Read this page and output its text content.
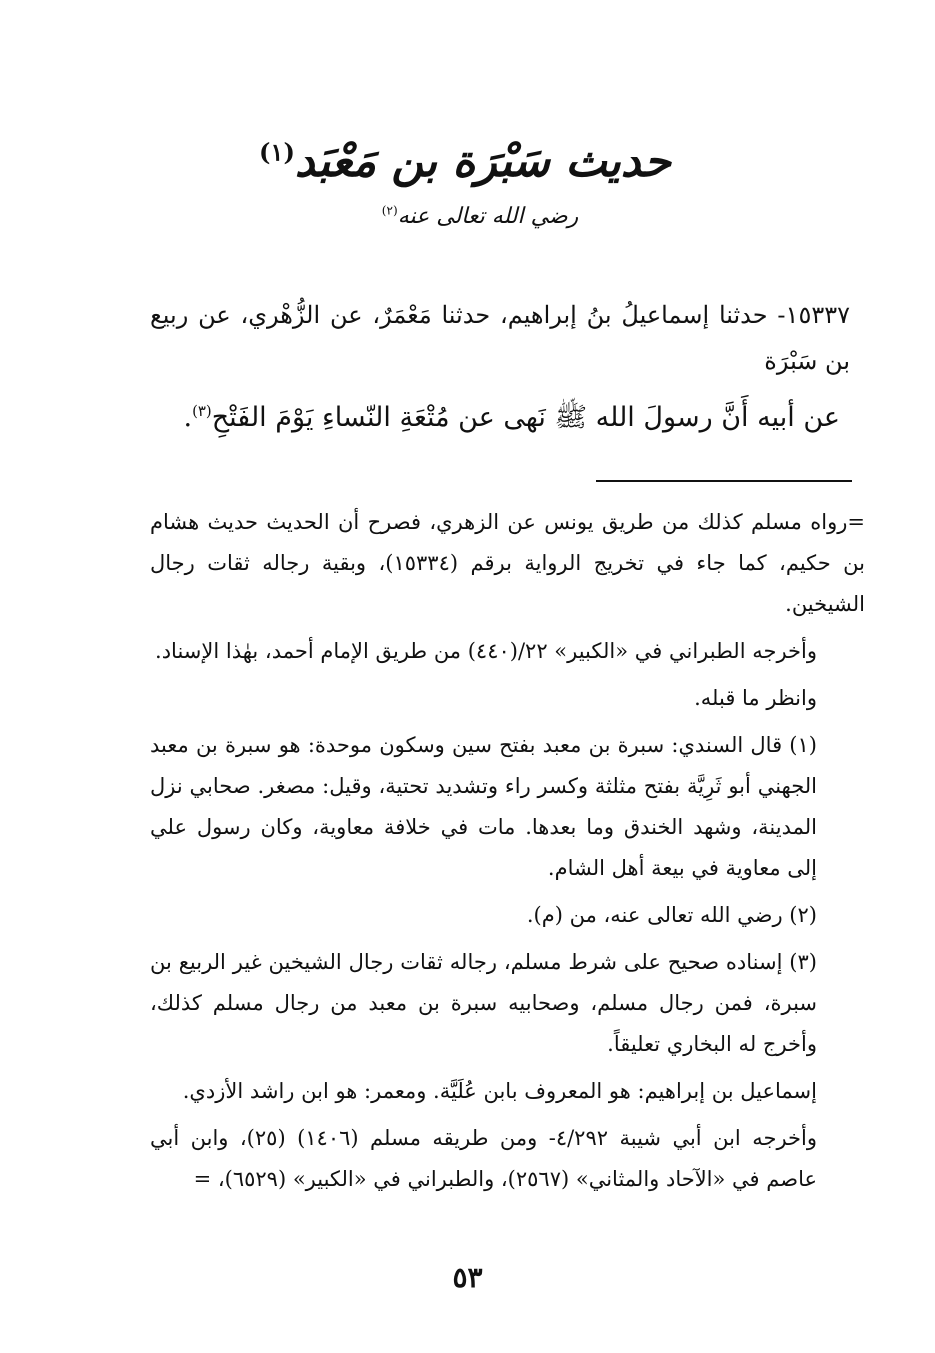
حديث سَبْرَة بن مَعْبَد$^{(١)}$
رضي الله تعالى عنه$^{(٢)}$

١٥٣٣٧- حدثنا إسماعيلُ بنُ إبراهيم، حدثنا مَعْمَرٌ، عن الزُّهْري، عن ربيع بن سَبْرَة

عن أبيه أَنَّ رسولَ الله ﷺ نَهى عن مُتْعَةِ النّساءِ يَوْمَ الفَتْحِ$^{(٣)}$.

=رواه مسلم كذلك من طريق يونس عن الزهري، فصرح أن الحديث حديث هشام بن حكيم، كما جاء في تخريج الرواية برقم (١٥٣٣٤)، وبقية رجاله ثقات رجال الشيخين.

وأخرجه الطبراني في «الكبير» ٢٢/(٤٤٠) من طريق الإمام أحمد، بهٰذا الإسناد.

وانظر ما قبله.

(١) قال السندي: سبرة بن معبد بفتح سين وسكون موحدة: هو سبرة بن معبد الجهني أبو ثَرِيَّة بفتح مثلثة وكسر راء وتشديد تحتية، وقيل: مصغر. صحابي نزل المدينة، وشهد الخندق وما بعدها. مات في خلافة معاوية، وكان رسول علي إلى معاوية في بيعة أهل الشام.

(٢) رضي الله تعالى عنه، من (م).

(٣) إسناده صحيح على شرط مسلم، رجاله ثقات رجال الشيخين غير الربيع بن سبرة، فمن رجال مسلم، وصحابيه سبرة بن معبد من رجال مسلم كذلك، وأخرج له البخاري تعليقاً.

إسماعيل بن إبراهيم: هو المعروف بابن عُلَيَّة. ومعمر: هو ابن راشد الأزدي.

وأخرجه ابن أبي شيبة ٤/٢٩٢- ومن طريقه مسلم (١٤٠٦) (٢٥)، وابن أبي عاصم في «الآحاد والمثاني» (٢٥٦٧)، والطبراني في «الكبير» (٦٥٢٩)، =

٥٣
